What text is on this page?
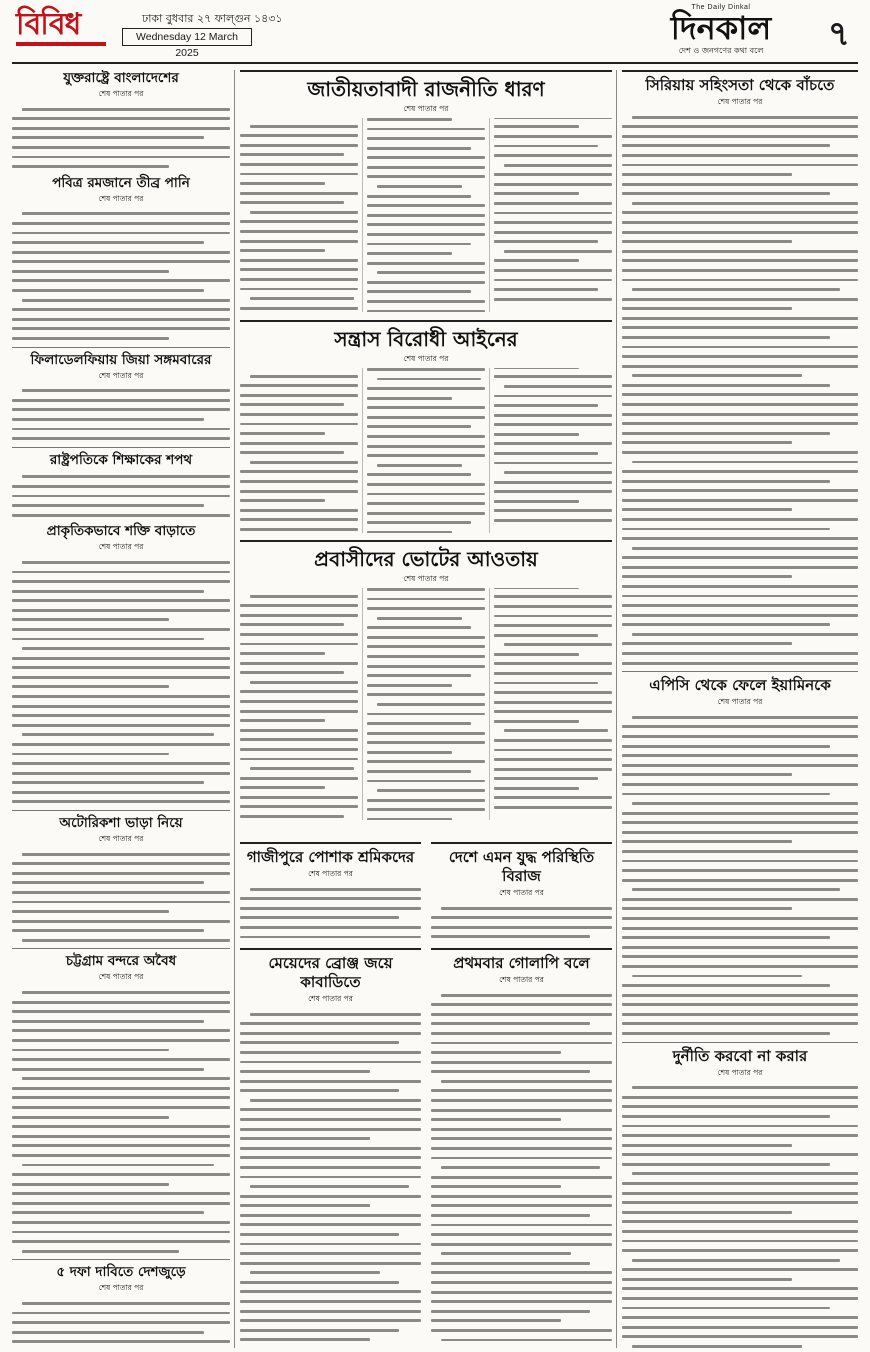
বিবিধ	ঢাকা বুধবার ২৭ ফাল্গুন ১৪৩১
Wednesday 12 March 2025
The Daily Dinkal
দিনকাল
দেশ ও জনগণের কথা বলে	৭
যুক্তরাষ্ট্রে বাংলাদেশের
শেষ পাতার পর
পবিত্র রমজানে তীব্র পানি
শেষ পাতার পর
ফিলাডেলফিয়ায় জিয়া সঙ্গমবারের
শেষ পাতার পর
রাষ্ট্রপতিকে শিক্ষাকের শপথ
প্রাকৃতিকভাবে শক্তি বাড়াতে
শেষ পাতার পর
অটোরিকশা ভাড়া নিয়ে
শেষ পাতার পর
চট্টগ্রাম বন্দরে অবৈধ
শেষ পাতার পর
৫ দফা দাবিতে দেশজুড়ে
শেষ পাতার পর
জাতীয়তাবাদী রাজনীতি ধারণ
শেষ পাতার পর
সন্ত্রাস বিরোধী আইনের
শেষ পাতার পর
প্রবাসীদের ভোটের আওতায়
শেষ পাতার পর
গাজীপুরে পোশাক শ্রমিকদের
শেষ পাতার পর
দেশে এমন যুদ্ধ পরিস্থিতি বিরাজ
শেষ পাতার পর
মেয়েদের ব্রোঞ্জ জয়ে কাবাডিতে
শেষ পাতার পর
প্রথমবার গোলাপি বলে
শেষ পাতার পর
সিরিয়ায় সহিংসতা থেকে বাঁচতে
শেষ পাতার পর
এপিসি থেকে ফেলে ইয়ামিনকে
শেষ পাতার পর
দুর্নীতি করবো না করার
শেষ পাতার পর
